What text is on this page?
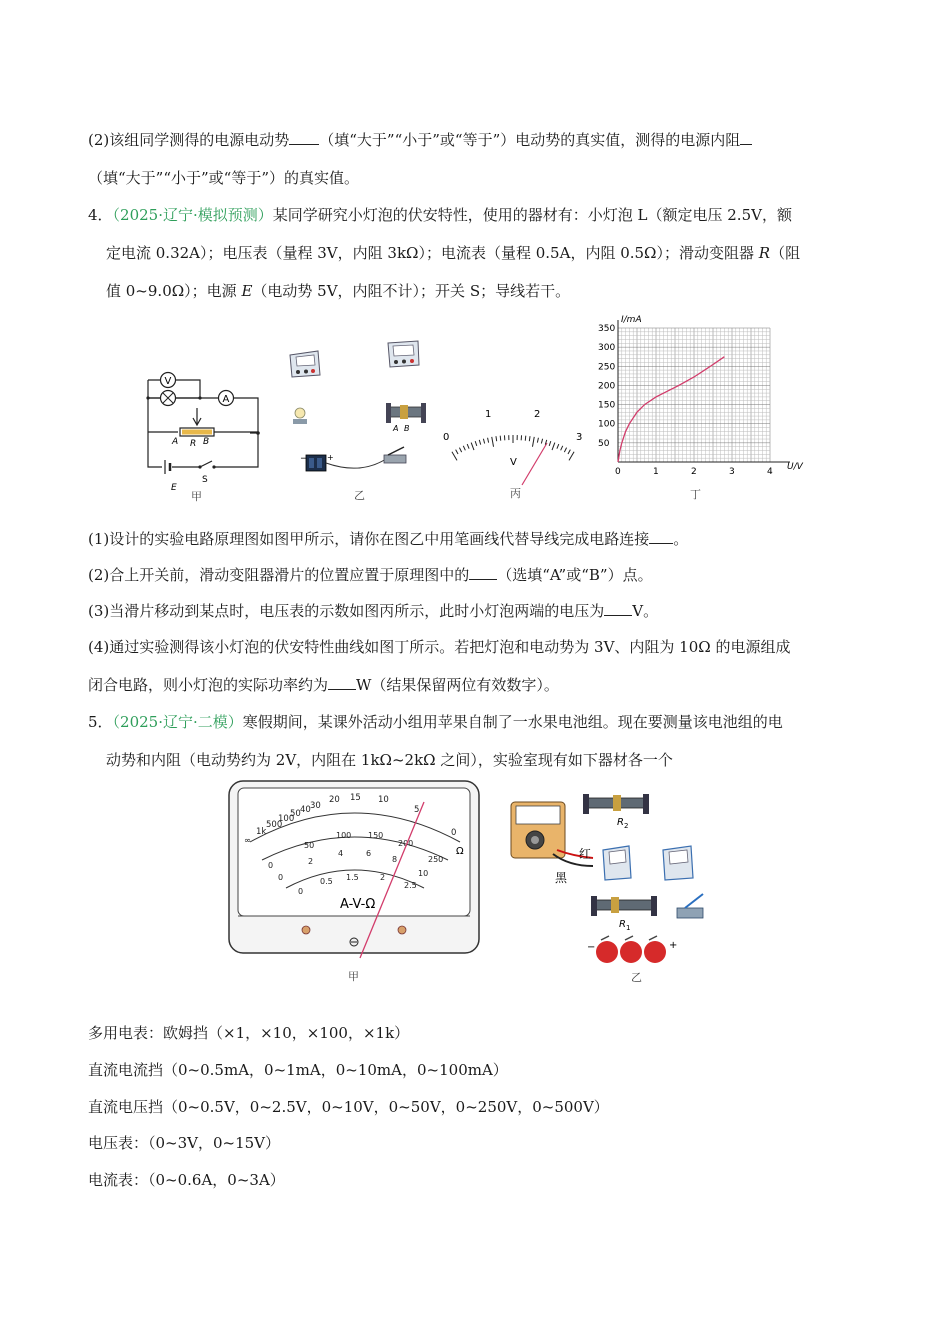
(2)该组同学测得的电源电动势 （填“大于”“小于”或“等于”）电动势的真实值，测得的电源内阻
（填“大于”“小于”或“等于”）的真实值。
4．（2025·辽宁·模拟预测）某同学研究小灯泡的伏安特性，使用的器材有：小灯泡 L（额定电压 2.5V，额
定电流 0.32A）；电压表（量程 3V，内阻 3kΩ）；电流表（量程 0.5A，内阻 0.5Ω）；滑动变阻器 R（阻
值 0~9.0Ω）；电源 E（电动势 5V，内阻不计）；开关 S；导线若干。
V
A
A R B
E
S
甲
A B
− +
乙
0
1	2
3
V
丙
I/mA
U/V
丁
0	1	2	3	4
50
100
150
200
250
300
350
(1)设计的实验电路原理图如图甲所示，请你在图乙中用笔画线代替导线完成电路连接 。
(2)合上开关前，滑动变阻器滑片的位置应置于原理图中的 （选填“A”或“B”）点。
(3)当滑片移动到某点时，电压表的示数如图丙所示，此时小灯泡两端的电压为 V。
(4)通过实验测得该小灯泡的伏安特性曲线如图丁所示。若把灯泡和电动势为 3V、内阻为 10Ω 的电源组成
闭合电路，则小灯泡的实际功率约为 W（结果保留两位有效数字）。
5．（2025·辽宁·二模）寒假期间，某课外活动小组用苹果自制了一水果电池组。现在要测量该电池组的电
动势和内阻（电动势约为 2V，内阻在 1kΩ~2kΩ 之间），实验室现有如下器材各一个
∞
1k
500
100
50 40 30
20 15 10
5
0
Ω
0
50
100 150
200
250
0
2
4	6
8
10
0
0.5 1.5	2
2.5
A-V-Ω
甲
红
黑
R 2
R 1
−	+
乙
多用电表：欧姆挡（×1，×10，×100，×1k）
直流电流挡（0~0.5mA，0~1mA，0~10mA，0~100mA）
直流电压挡（0~0.5V，0~2.5V，0~10V，0~50V，0~250V，0~500V）
电压表：（0~3V，0~15V）
电流表：（0~0.6A，0~3A）
